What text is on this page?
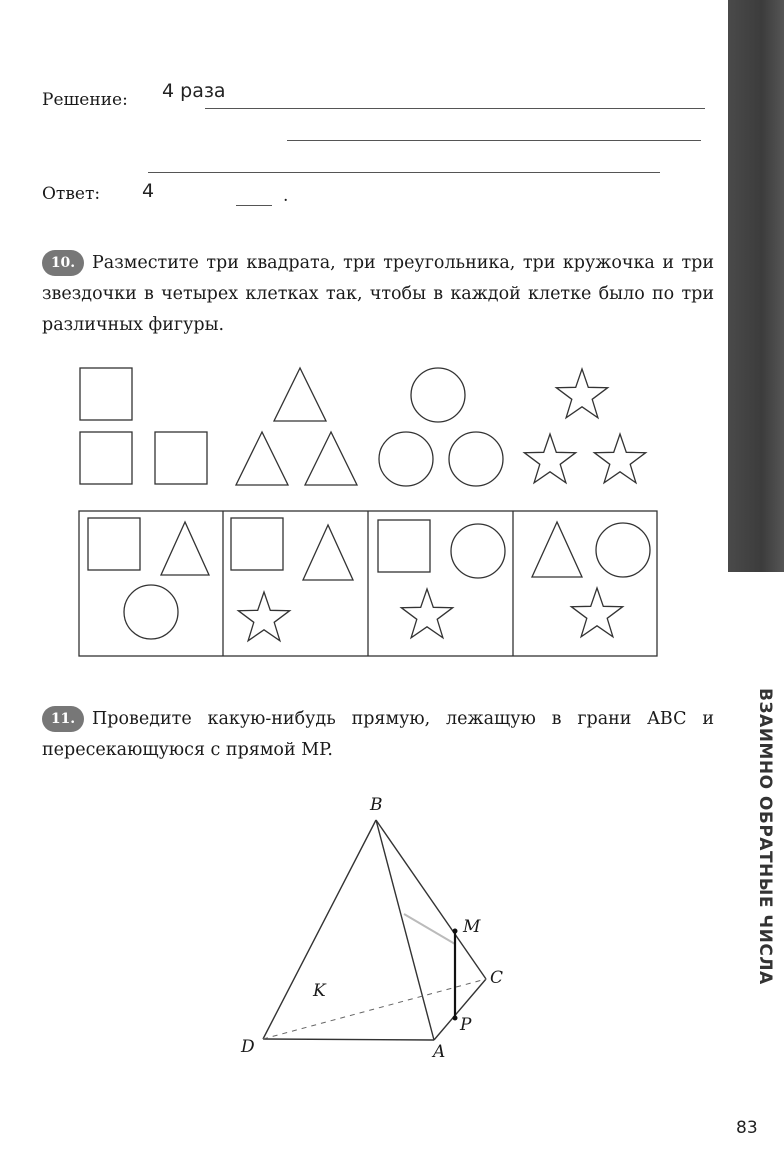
Решение: 4 раза
Ответ: 4	.
10. Разместите три квадрата, три треугольника, три кружочка и три звездочки в четырех клетках так, чтобы в каждой клетке было по три различных фигуры.
B
M
C
K
P
D	A
11. Проведите какую-нибудь прямую, лежащую в грани ABC и пересекающуюся с прямой MP.	ВЗАИМНО ОБРАТНЫЕ ЧИСЛА
83
